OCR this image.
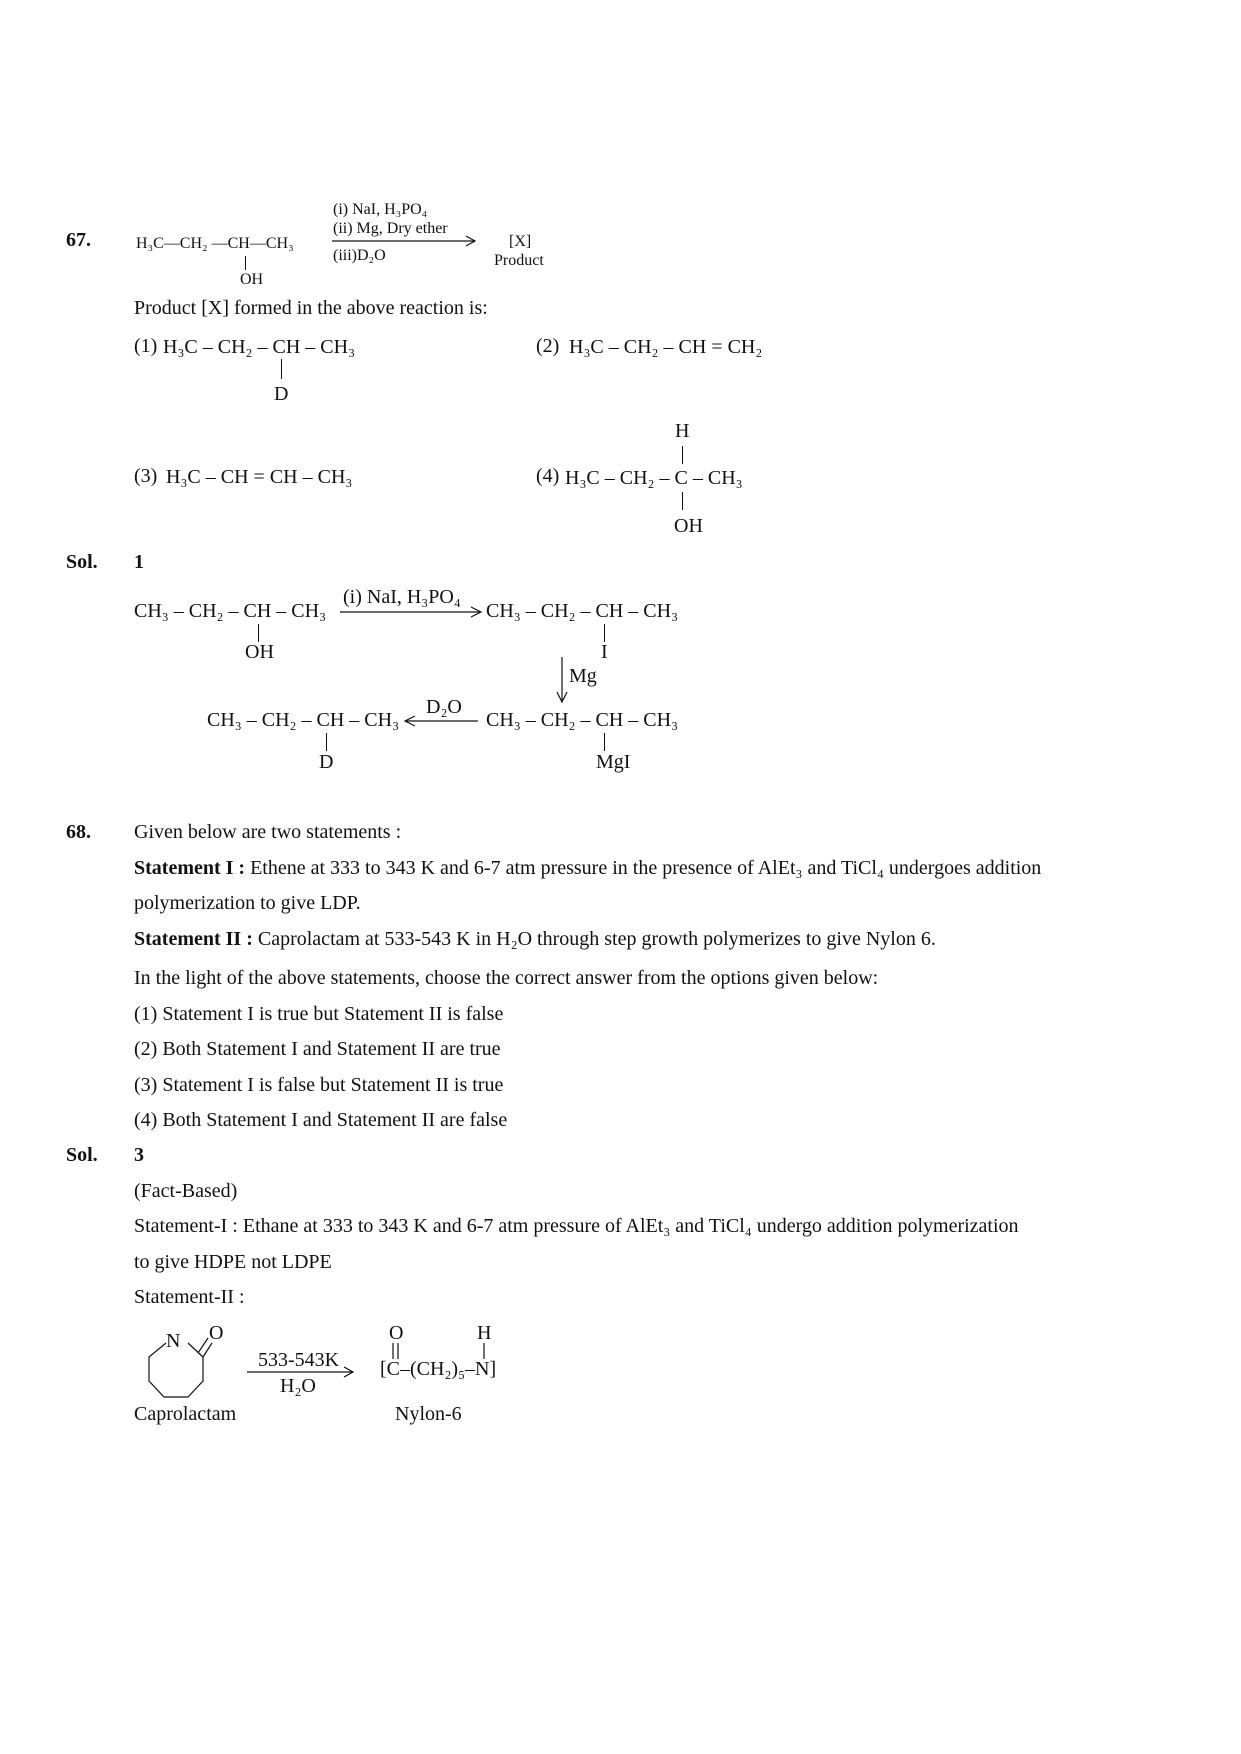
67.	H₃C—CH₂ —CH—CH₃
OH
(i) NaI, H₃PO₄
(ii) Mg, Dry ether
(iii)D₂O
[X]
Product
Product [X] formed in the above reaction is:
(1) H₃C – CH₂ – CH – CH₃
D
(2) H₃C – CH₂ – CH = CH₂
(3) H₃C – CH = CH – CH₃
H
(4) H₃C – CH₂ – C – CH₃
OH
Sol. 1
CH₃ – CH₂ – CH – CH₃
OH
(i) NaI, H₃PO₄
CH₃ – CH₂ – CH – CH₃
I
Mg
CH₃ – CH₂ – CH – CH₃
MgI
D₂O
CH₃ – CH₂ – CH – CH₃
D
68. Given below are two statements :
Statement I : Ethene at 333 to 343 K and 6-7 atm pressure in the presence of AlEt₃ and TiCl₄ undergoes addition
polymerization to give LDP.
Statement II : Caprolactam at 533-543 K in H₂O through step growth polymerizes to give Nylon 6.
In the light of the above statements, choose the correct answer from the options given below:
(1) Statement I is true but Statement II is false
(2) Both Statement I and Statement II are true
(3) Statement I is false but Statement II is true
(4) Both Statement I and Statement II are false
Sol. 3
(Fact-Based)
Statement-I : Ethane at 333 to 343 K and 6-7 atm pressure of AlEt₃ and TiCl₄ undergo addition polymerization
to give HDPE not LDPE
Statement-II :
N O
533-543K
H₂O
Caprolactam
O	H
[C–(CH₂)₅–N]
Nylon-6
